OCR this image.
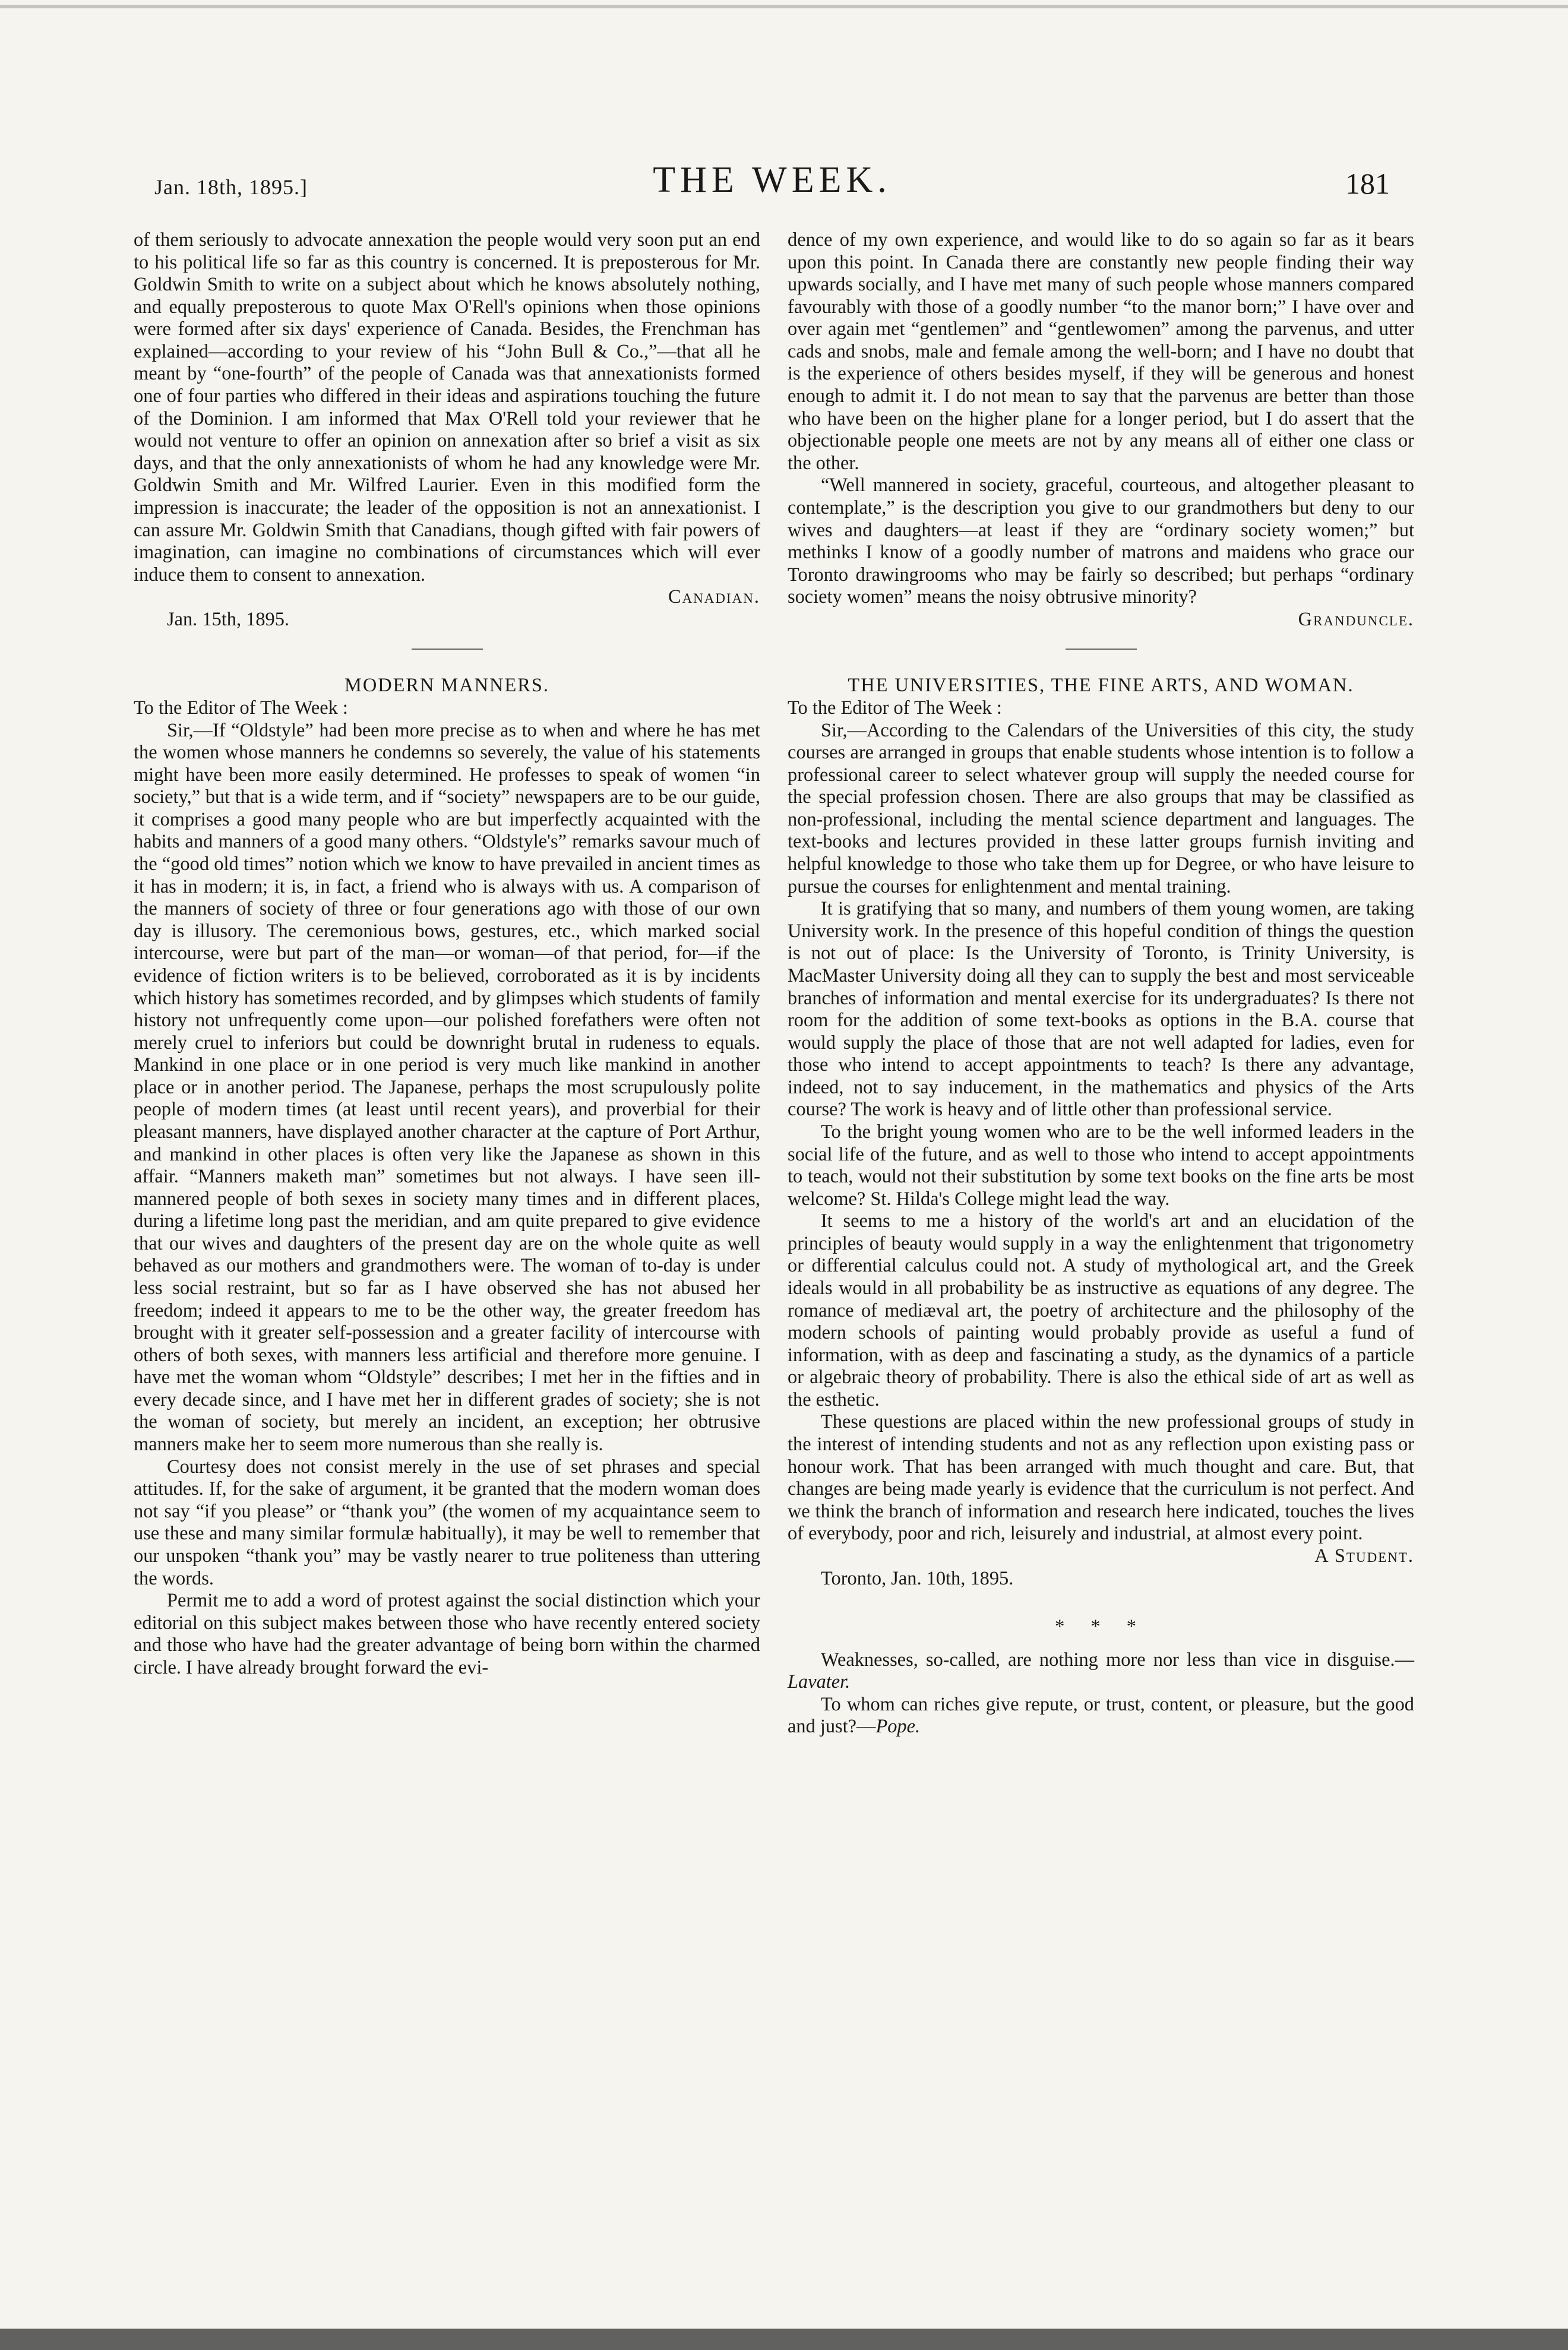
Jan. 18th, 1895.]	THE WEEK.	181

of them seriously to advocate annexation the people would very soon put an end to his political life so far as this country is concerned. It is preposterous for Mr. Goldwin Smith to write on a subject about which he knows absolutely nothing, and equally preposterous to quote Max O'Rell's opinions when those opinions were formed after six days' experience of Canada. Besides, the Frenchman has explained—according to your review of his “John Bull & Co.,”—that all he meant by “one-fourth” of the people of Canada was that annexationists formed one of four parties who differed in their ideas and aspirations touching the future of the Dominion. I am informed that Max O'Rell told your reviewer that he would not venture to offer an opinion on annexation after so brief a visit as six days, and that the only annexationists of whom he had any knowledge were Mr. Goldwin Smith and Mr. Wilfred Laurier. Even in this modified form the impression is inaccurate; the leader of the opposition is not an annexationist. I can assure Mr. Goldwin Smith that Canadians, though gifted with fair powers of imagination, can imagine no combinations of circumstances which will ever induce them to consent to annexation.

Canadian.

Jan. 15th, 1895.

MODERN MANNERS.

To the Editor of The Week :

Sir,—If “Oldstyle” had been more precise as to when and where he has met the women whose manners he condemns so severely, the value of his statements might have been more easily determined. He professes to speak of women “in society,” but that is a wide term, and if “society” newspapers are to be our guide, it comprises a good many people who are but imperfectly acquainted with the habits and manners of a good many others. “Oldstyle's” remarks savour much of the “good old times” notion which we know to have prevailed in ancient times as it has in modern; it is, in fact, a friend who is always with us. A comparison of the manners of society of three or four generations ago with those of our own day is illusory. The ceremonious bows, gestures, etc., which marked social intercourse, were but part of the man—or woman—of that period, for—if the evidence of fiction writers is to be believed, corroborated as it is by incidents which history has sometimes recorded, and by glimpses which students of family history not unfrequently come upon—our polished forefathers were often not merely cruel to inferiors but could be downright brutal in rudeness to equals. Mankind in one place or in one period is very much like mankind in another place or in another period. The Japanese, perhaps the most scrupulously polite people of modern times (at least until recent years), and proverbial for their pleasant manners, have displayed another character at the capture of Port Arthur, and mankind in other places is often very like the Japanese as shown in this affair. “Manners maketh man” sometimes but not always. I have seen ill-mannered people of both sexes in society many times and in different places, during a lifetime long past the meridian, and am quite prepared to give evidence that our wives and daughters of the present day are on the whole quite as well behaved as our mothers and grandmothers were. The woman of to-day is under less social restraint, but so far as I have observed she has not abused her freedom; indeed it appears to me to be the other way, the greater freedom has brought with it greater self-possession and a greater facility of intercourse with others of both sexes, with manners less artificial and therefore more genuine. I have met the woman whom “Oldstyle” describes; I met her in the fifties and in every decade since, and I have met her in different grades of society; she is not the woman of society, but merely an incident, an exception; her obtrusive manners make her to seem more numerous than she really is.

Courtesy does not consist merely in the use of set phrases and special attitudes. If, for the sake of argument, it be granted that the modern woman does not say “if you please” or “thank you” (the women of my acquaintance seem to use these and many similar formulæ habitually), it may be well to remember that our unspoken “thank you” may be vastly nearer to true politeness than uttering the words.

Permit me to add a word of protest against the social distinction which your editorial on this subject makes between those who have recently entered society and those who have had the greater advantage of being born within the charmed circle. I have already brought forward the evi-

dence of my own experience, and would like to do so again so far as it bears upon this point. In Canada there are constantly new people finding their way upwards socially, and I have met many of such people whose manners compared favourably with those of a goodly number “to the manor born;” I have over and over again met “gentlemen” and “gentlewomen” among the parvenus, and utter cads and snobs, male and female among the well-born; and I have no doubt that is the experience of others besides myself, if they will be generous and honest enough to admit it. I do not mean to say that the parvenus are better than those who have been on the higher plane for a longer period, but I do assert that the objectionable people one meets are not by any means all of either one class or the other.

“Well mannered in society, graceful, courteous, and altogether pleasant to contemplate,” is the description you give to our grandmothers but deny to our wives and daughters—at least if they are “ordinary society women;” but methinks I know of a goodly number of matrons and maidens who grace our Toronto drawingrooms who may be fairly so described; but perhaps “ordinary society women” means the noisy obtrusive minority?

Granduncle.

THE UNIVERSITIES, THE FINE ARTS, AND WOMAN.

To the Editor of The Week :

Sir,—According to the Calendars of the Universities of this city, the study courses are arranged in groups that enable students whose intention is to follow a professional career to select whatever group will supply the needed course for the special profession chosen. There are also groups that may be classified as non-professional, including the mental science department and languages. The text-books and lectures provided in these latter groups furnish inviting and helpful knowledge to those who take them up for Degree, or who have leisure to pursue the courses for enlightenment and mental training.

It is gratifying that so many, and numbers of them young women, are taking University work. In the presence of this hopeful condition of things the question is not out of place: Is the University of Toronto, is Trinity University, is MacMaster University doing all they can to supply the best and most serviceable branches of information and mental exercise for its undergraduates? Is there not room for the addition of some text-books as options in the B.A. course that would supply the place of those that are not well adapted for ladies, even for those who intend to accept appointments to teach? Is there any advantage, indeed, not to say inducement, in the mathematics and physics of the Arts course? The work is heavy and of little other than professional service.

To the bright young women who are to be the well informed leaders in the social life of the future, and as well to those who intend to accept appointments to teach, would not their substitution by some text books on the fine arts be most welcome? St. Hilda's College might lead the way.

It seems to me a history of the world's art and an elucidation of the principles of beauty would supply in a way the enlightenment that trigonometry or differential calculus could not. A study of mythological art, and the Greek ideals would in all probability be as instructive as equations of any degree. The romance of mediæval art, the poetry of architecture and the philosophy of the modern schools of painting would probably provide as useful a fund of information, with as deep and fascinating a study, as the dynamics of a particle or algebraic theory of probability. There is also the ethical side of art as well as the esthetic.

These questions are placed within the new professional groups of study in the interest of intending students and not as any reflection upon existing pass or honour work. That has been arranged with much thought and care. But, that changes are being made yearly is evidence that the curriculum is not perfect. And we think the branch of information and research here indicated, touches the lives of everybody, poor and rich, leisurely and industrial, at almost every point.

A Student.

Toronto, Jan. 10th, 1895.

* * *

Weaknesses, so-called, are nothing more nor less than vice in disguise.—Lavater.

To whom can riches give repute, or trust, content, or pleasure, but the good and just?—Pope.
